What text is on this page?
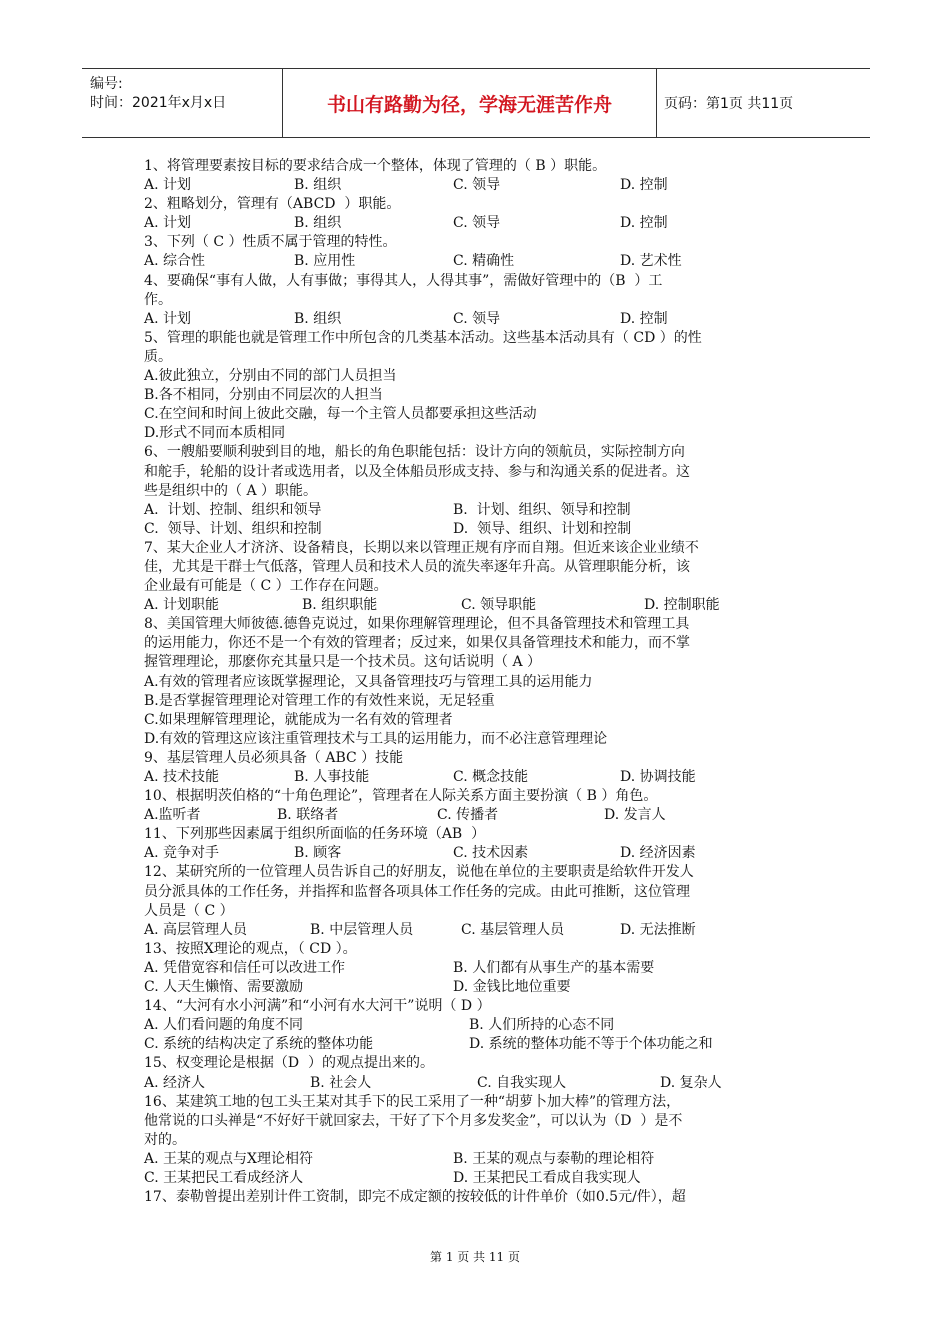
编号:
时间：2021年x月x日	书山有路勤为径，学海无涯苦作舟	页码：第1页 共11页
1、将管理要素按目标的要求结合成一个整体，体现了管理的（ B ）职能。
A. 计划	B. 组织	C. 领导	D. 控制
2、粗略划分，管理有（ABCD  ）职能。
A. 计划	B. 组织	C. 领导	D. 控制
3、下列（ C ）性质不属于管理的特性。
A. 综合性	B. 应用性	C. 精确性	D. 艺术性
4、要确保“事有人做，人有事做；事得其人，人得其事”，需做好管理中的（B  ）工
作。
A. 计划	B. 组织	C. 领导	D. 控制
5、管理的职能也就是管理工作中所包含的几类基本活动。这些基本活动具有（ CD ）的性
质。
A.彼此独立，分别由不同的部门人员担当
B.各不相同，分别由不同层次的人担当
C.在空间和时间上彼此交融，每一个主管人员都要承担这些活动
D.形式不同而本质相同
6、一艘船要顺利驶到目的地，船长的角色职能包括：设计方向的领航员，实际控制方向
和舵手，轮船的设计者或选用者，以及全体船员形成支持、参与和沟通关系的促进者。这
些是组织中的（ A ）职能。
A.  计划、控制、组织和领导	B.  计划、组织、领导和控制
C.  领导、计划、组织和控制	D.  领导、组织、计划和控制
7、某大企业人才济济、设备精良，长期以来以管理正规有序而自翔。但近来该企业业绩不
佳，尤其是干群士气低落，管理人员和技术人员的流失率逐年升高。从管理职能分析，该
企业最有可能是（ C ）工作存在问题。
A. 计划职能	B. 组织职能	C. 领导职能	D. 控制职能
8、美国管理大师彼德.德鲁克说过，如果你理解管理理论，但不具备管理技术和管理工具
的运用能力，你还不是一个有效的管理者；反过来，如果仅具备管理技术和能力，而不掌
握管理理论，那麽你充其量只是一个技术员。这句话说明（ A ）
A.有效的管理者应该既掌握理论，又具备管理技巧与管理工具的运用能力
B.是否掌握管理理论对管理工作的有效性来说，无足轻重
C.如果理解管理理论，就能成为一名有效的管理者
D.有效的管理这应该注重管理技术与工具的运用能力，而不必注意管理理论
9、基层管理人员必须具备（ ABC ）技能
A. 技术技能	B. 人事技能	C. 概念技能	D. 协调技能
10、根据明茨伯格的“十角色理论”，管理者在人际关系方面主要扮演（ B ）角色。
A.监听者	B. 联络者	C. 传播者	D. 发言人
11、下列那些因素属于组织所面临的任务环境（AB  ）
A. 竞争对手	B. 顾客	C. 技术因素	D. 经济因素
12、某研究所的一位管理人员告诉自己的好朋友，说他在单位的主要职责是给软件开发人
员分派具体的工作任务，并指挥和监督各项具体工作任务的完成。由此可推断，这位管理
人员是（ C ）
A. 高层管理人员	B. 中层管理人员	C. 基层管理人员	D. 无法推断
13、按照X理论的观点，（ CD ）。
A. 凭借宽容和信任可以改进工作	B. 人们都有从事生产的基本需要
C. 人天生懒惰、需要激励	D. 金钱比地位重要
14、“大河有水小河满”和“小河有水大河干”说明（ D ）
A. 人们看问题的角度不同	B. 人们所持的心态不同
C. 系统的结构决定了系统的整体功能	D. 系统的整体功能不等于个体功能之和
15、权变理论是根据（D  ）的观点提出来的。
A. 经济人	B. 社会人	C. 自我实现人	D. 复杂人
16、某建筑工地的包工头王某对其手下的民工采用了一种“胡萝卜加大棒”的管理方法，
他常说的口头禅是“不好好干就回家去，干好了下个月多发奖金”，可以认为（D  ）是不
对的。
A. 王某的观点与X理论相符	B. 王某的观点与泰勒的理论相符
C. 王某把民工看成经济人	D. 王某把民工看成自我实现人
17、泰勒曾提出差别计件工资制，即完不成定额的按较低的计件单价（如0.5元/件），超
第 1 页 共 11 页
